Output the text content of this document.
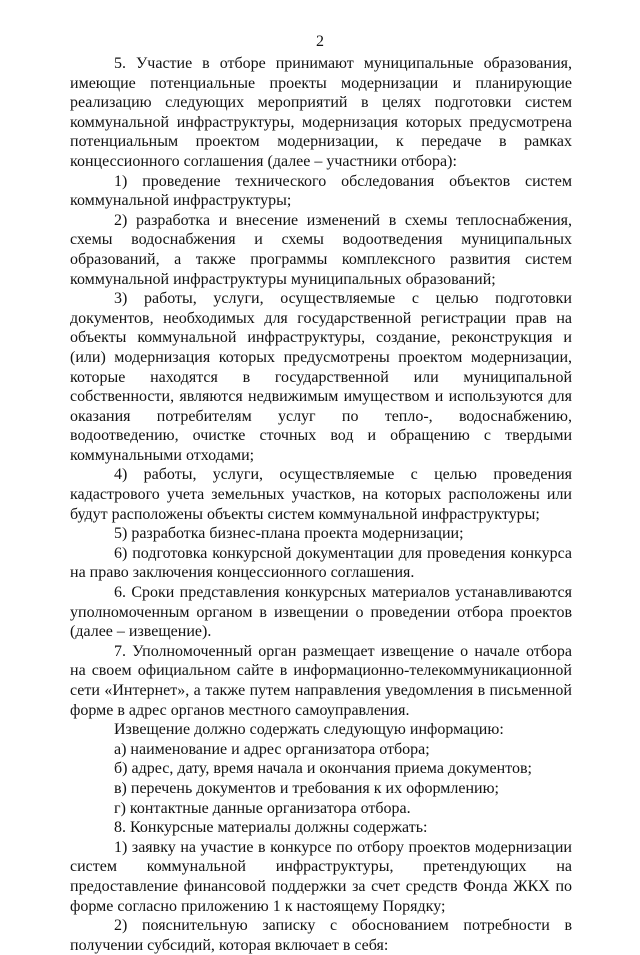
2

5. Участие в отборе принимают муниципальные образования, имеющие потенциальные проекты модернизации и планирующие реализацию следующих мероприятий в целях подготовки систем коммунальной инфраструктуры, модернизация которых предусмотрена потенциальным проектом модернизации, к передаче в рамках концессионного соглашения (далее – участники отбора):

1) проведение технического обследования объектов систем коммунальной инфраструктуры;

2) разработка и внесение изменений в схемы теплоснабжения, схемы водоснабжения и схемы водоотведения муниципальных образований, а также программы комплексного развития систем коммунальной инфраструктуры муниципальных образований;

3) работы, услуги, осуществляемые с целью подготовки документов, необходимых для государственной регистрации прав на объекты коммунальной инфраструктуры, создание, реконструкция и (или) модернизация которых предусмотрены проектом модернизации, которые находятся в государственной или муниципальной собственности, являются недвижимым имуществом и используются для оказания потребителям услуг по тепло-, водоснабжению, водоотведению, очистке сточных вод и обращению с твердыми коммунальными отходами;

4) работы, услуги, осуществляемые с целью проведения кадастрового учета земельных участков, на которых расположены или будут расположены объекты систем коммунальной инфраструктуры;

5) разработка бизнес-плана проекта модернизации;

6) подготовка конкурсной документации для проведения конкурса на право заключения концессионного соглашения.

6. Сроки представления конкурсных материалов устанавливаются уполномоченным органом в извещении о проведении отбора проектов (далее – извещение).

7. Уполномоченный орган размещает извещение о начале отбора на своем официальном сайте в информационно-телекоммуникационной сети «Интернет», а также путем направления уведомления в письменной форме в адрес органов местного самоуправления.

Извещение должно содержать следующую информацию:

а) наименование и адрес организатора отбора;

б) адрес, дату, время начала и окончания приема документов;

в) перечень документов и требования к их оформлению;

г) контактные данные организатора отбора.

8. Конкурсные материалы должны содержать:

1) заявку на участие в конкурсе по отбору проектов модернизации систем коммунальной инфраструктуры, претендующих на предоставление финансовой поддержки за счет средств Фонда ЖКХ по форме согласно приложению 1 к настоящему Порядку;

2) пояснительную записку с обоснованием потребности в получении субсидий, которая включает в себя:
